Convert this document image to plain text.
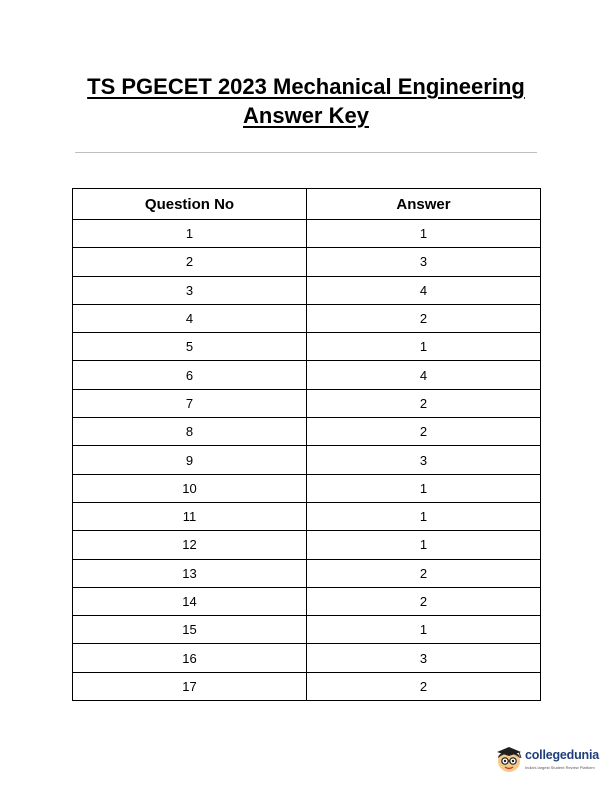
TS PGECET 2023 Mechanical Engineering
Answer Key
Question No	Answer
1	1
2	3
3	4
4	2
5	1
6	4
7	2
8	2
9	3
10	1
11	1
12	1
13	2
14	2
15	1
16	3
17	2
collegedunia
India's largest Student Review Platform
